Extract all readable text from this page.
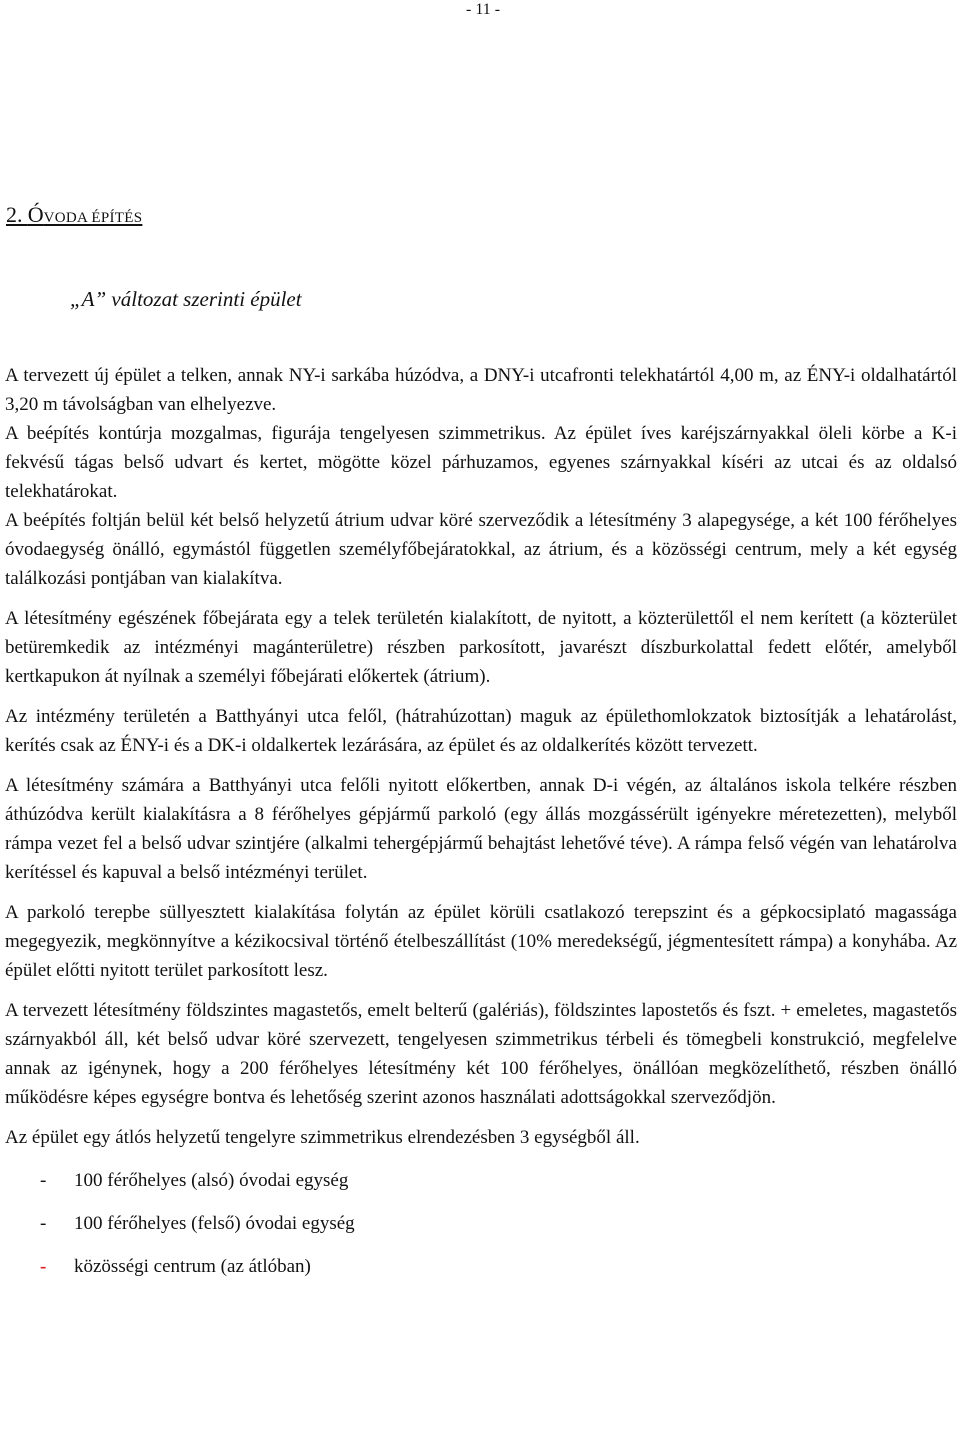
- 11 -

2. ÓVODA ÉPÍTÉS
„A” változat szerinti épület

A tervezett új épület a telken, annak NY-i sarkába húzódva, a DNY-i utcafronti telekhatártól 4,00 m, az ÉNY-i oldalhatártól 3,20 m távolságban van elhelyezve.

A beépítés kontúrja mozgalmas, figurája tengelyesen szimmetrikus. Az épület íves karéjszárnyakkal öleli körbe a K-i fekvésű tágas belső udvart és kertet, mögötte közel párhuzamos, egyenes szárnyakkal kíséri az utcai és az oldalsó telekhatárokat.

A beépítés foltján belül két belső helyzetű átrium udvar köré szerveződik a létesítmény 3 alapegysége, a két 100 férőhelyes óvodaegység önálló, egymástól független személyfőbejáratokkal, az átrium, és a közösségi centrum, mely a két egység találkozási pontjában van kialakítva.

A létesítmény egészének főbejárata egy a telek területén kialakított, de nyitott, a közterülettől el nem kerített (a közterület betüremkedik az intézményi magánterületre) részben parkosított, javarészt díszburkolattal fedett előtér, amelyből kertkapukon át nyílnak a személyi főbejárati előkertek (átrium).

Az intézmény területén a Batthyányi utca felől, (hátrahúzottan) maguk az épülethomlokzatok biztosítják a lehatárolást, kerítés csak az ÉNY-i és a DK-i oldalkertek lezárására, az épület és az oldalkerítés között tervezett.

A létesítmény számára a Batthyányi utca felőli nyitott előkertben, annak D-i végén, az általános iskola telkére részben áthúzódva került kialakításra a 8 férőhelyes gépjármű parkoló (egy állás mozgássérült igényekre méretezetten), melyből rámpa vezet fel a belső udvar szintjére (alkalmi tehergépjármű behajtást lehetővé téve). A rámpa felső végén van lehatárolva kerítéssel és kapuval a belső intézményi terület.

A parkoló terepbe süllyesztett kialakítása folytán az épület körüli csatlakozó terepszint és a gépkocsiplató magassága megegyezik, megkönnyítve a kézikocsival történő ételbeszállítást (10% meredekségű, jégmentesített rámpa) a konyhába. Az épület előtti nyitott terület parkosított lesz.

A tervezett létesítmény földszintes magastetős, emelt belterű (galériás), földszintes lapostetős és fszt. + emeletes, magastetős szárnyakból áll, két belső udvar köré szervezett, tengelyesen szimmetrikus térbeli és tömegbeli konstrukció, megfelelve annak az igénynek, hogy a 200 férőhelyes létesítmény két 100 férőhelyes, önállóan megközelíthető, részben önálló működésre képes egységre bontva és lehetőség szerint azonos használati adottságokkal szerveződjön.

Az épület egy átlós helyzetű tengelyre szimmetrikus elrendezésben 3 egységből áll.

-	100 férőhelyes (alsó) óvodai egység
-	100 férőhelyes (felső) óvodai egység
-	közösségi centrum (az átlóban)
